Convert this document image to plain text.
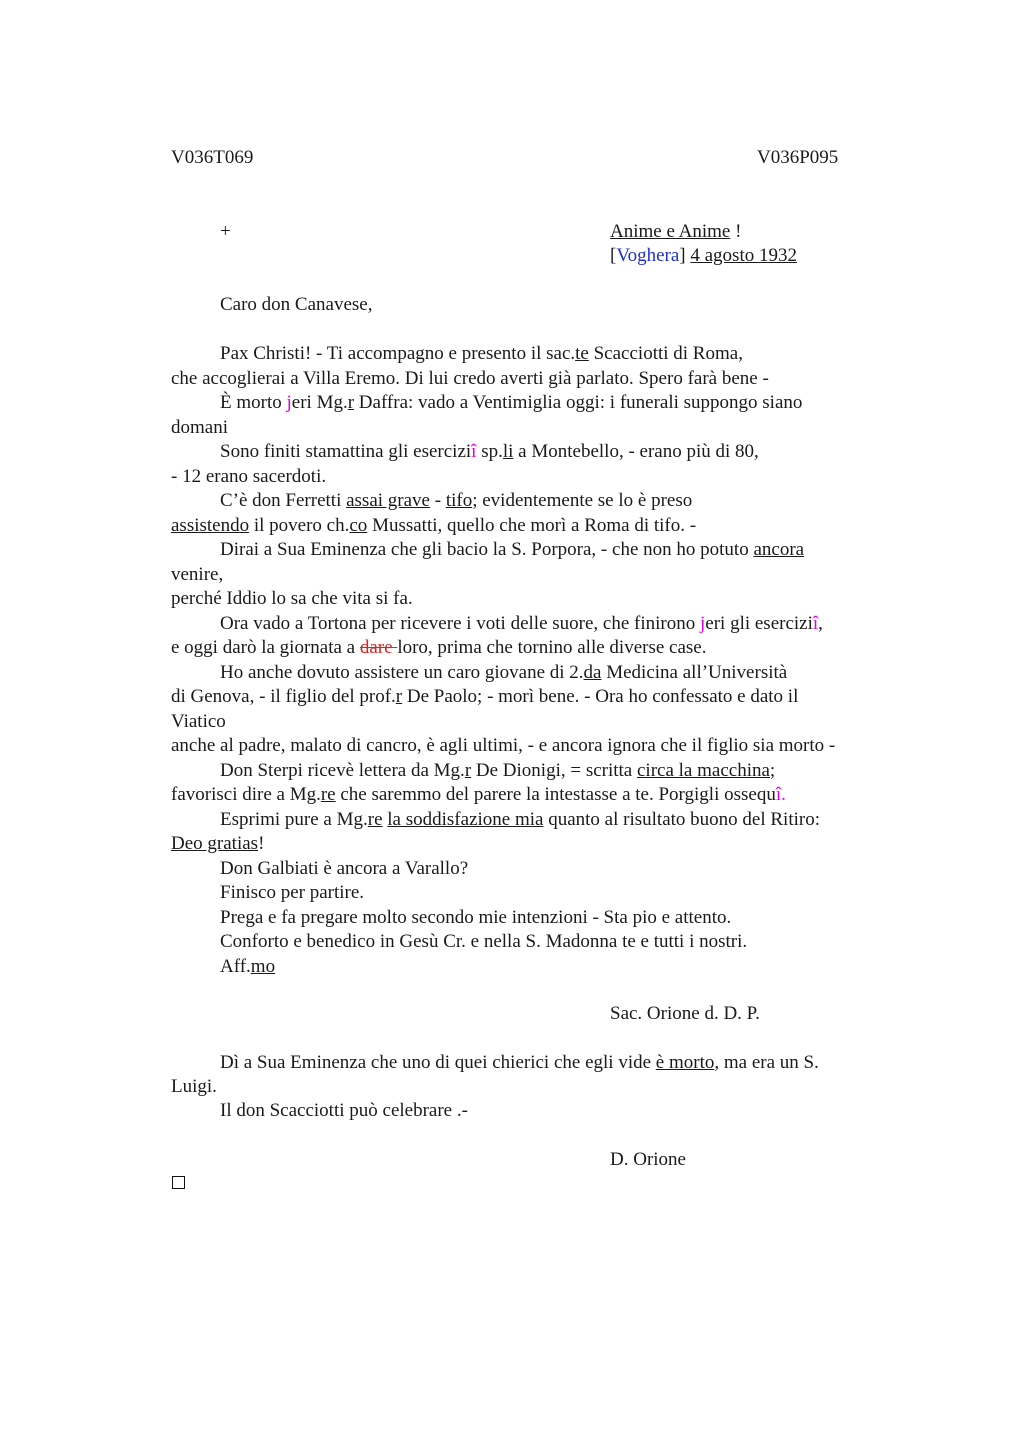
V036T069	V036P095
+	Anime e Anime !
[Voghera] 4 agosto 1932
Caro don Canavese,
Pax Christi! - Ti accompagno e presento il sac.te Scacciotti di Roma,
che accoglierai a Villa Eremo. Di lui credo averti già parlato. Spero farà bene -
È morto jeri Mg.r Daffra: vado a Ventimiglia oggi: i funerali suppongo siano
domani
Sono finiti stamattina gli eserciziî sp.li a Montebello, - erano più di 80,
- 12 erano sacerdoti.
C’è don Ferretti assai grave - tifo; evidentemente se lo è preso
assistendo il povero ch.co Mussatti, quello che morì a Roma di tifo. -
Dirai a Sua Eminenza che gli bacio la S. Porpora, - che non ho potuto ancora
venire,
perché Iddio lo sa che vita si fa.
Ora vado a Tortona per ricevere i voti delle suore, che finirono jeri gli eserciziî,
e oggi darò la giornata a dare loro, prima che tornino alle diverse case.
Ho anche dovuto assistere un caro giovane di 2.da Medicina all’Università
di Genova, - il figlio del prof.r De Paolo; - morì bene. - Ora ho confessato e dato il
Viatico
anche al padre, malato di cancro, è agli ultimi, - e ancora ignora che il figlio sia morto -
Don Sterpi ricevè lettera da Mg.r De Dionigi, = scritta circa la macchina;
favorisci dire a Mg.re che saremmo del parere la intestasse a te. Porgigli ossequî.
Esprimi pure a Mg.re la soddisfazione mia quanto al risultato buono del Ritiro:
Deo gratias!
Don Galbiati è ancora a Varallo?
Finisco per partire.
Prega e fa pregare molto secondo mie intenzioni - Sta pio e attento.
Conforto e benedico in Gesù Cr. e nella S. Madonna te e tutti i nostri.
Aff.mo
Sac. Orione d. D. P.
Dì a Sua Eminenza che uno di quei chierici che egli vide è morto, ma era un S.
Luigi.
Il don Scacciotti può celebrare .-
D. Orione
